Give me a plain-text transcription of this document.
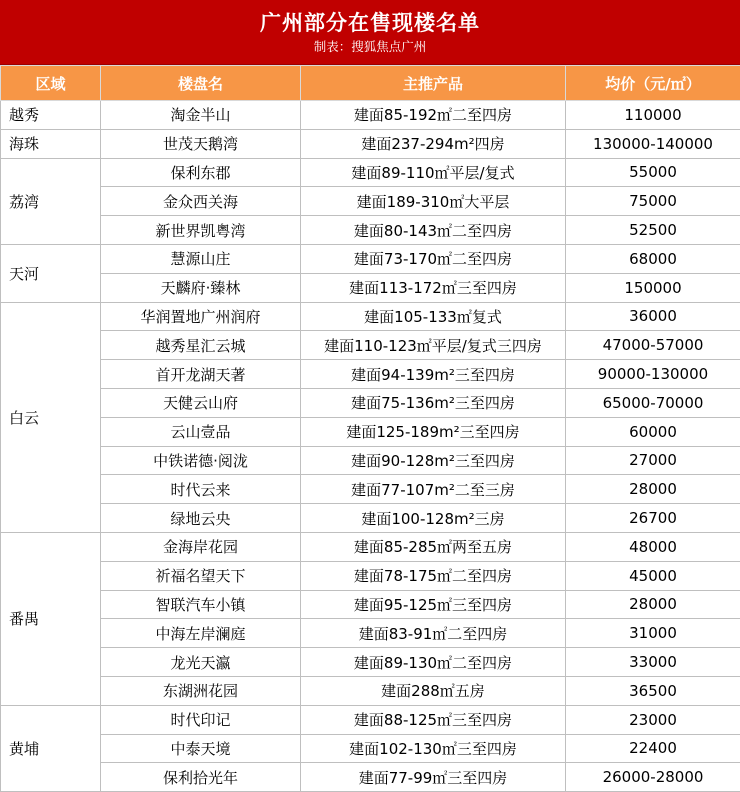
广州部分在售现楼名单
制表：搜狐焦点广州
区域	楼盘名	主推产品	均价（元/㎡）
越秀	淘金半山	建面85-192㎡二至四房	110000
海珠	世茂天鹅湾	建面237-294m²四房	130000-140000
荔湾	保利东郡	建面89-110㎡平层/复式	55000
	金众西关海	建面189-310㎡大平层	75000
	新世界凯粤湾	建面80-143㎡二至四房	52500
天河	慧源山庄	建面73-170㎡二至四房	68000
	天麟府·臻林	建面113-172㎡三至四房	150000
白云	华润置地广州润府	建面105-133㎡复式	36000
	越秀星汇云城	建面110-123㎡平层/复式三四房	47000-57000
	首开龙湖天著	建面94-139m²三至四房	90000-130000
	天健云山府	建面75-136m²三至四房	65000-70000
	云山壹品	建面125-189m²三至四房	60000
	中铁诺德·阅泷	建面90-128m²三至四房	27000
	时代云来	建面77-107m²二至三房	28000
	绿地云央	建面100-128m²三房	26700
番禺	金海岸花园	建面85-285㎡两至五房	48000
	祈福名望天下	建面78-175㎡二至四房	45000
	智联汽车小镇	建面95-125㎡三至四房	28000
	中海左岸澜庭	建面83-91㎡二至四房	31000
	龙光天瀛	建面89-130㎡二至四房	33000
	东湖洲花园	建面288㎡五房	36500
黄埔	时代印记	建面88-125㎡三至四房	23000
	中泰天境	建面102-130㎡三至四房	22400
	保利拾光年	建面77-99㎡三至四房	26000-28000
